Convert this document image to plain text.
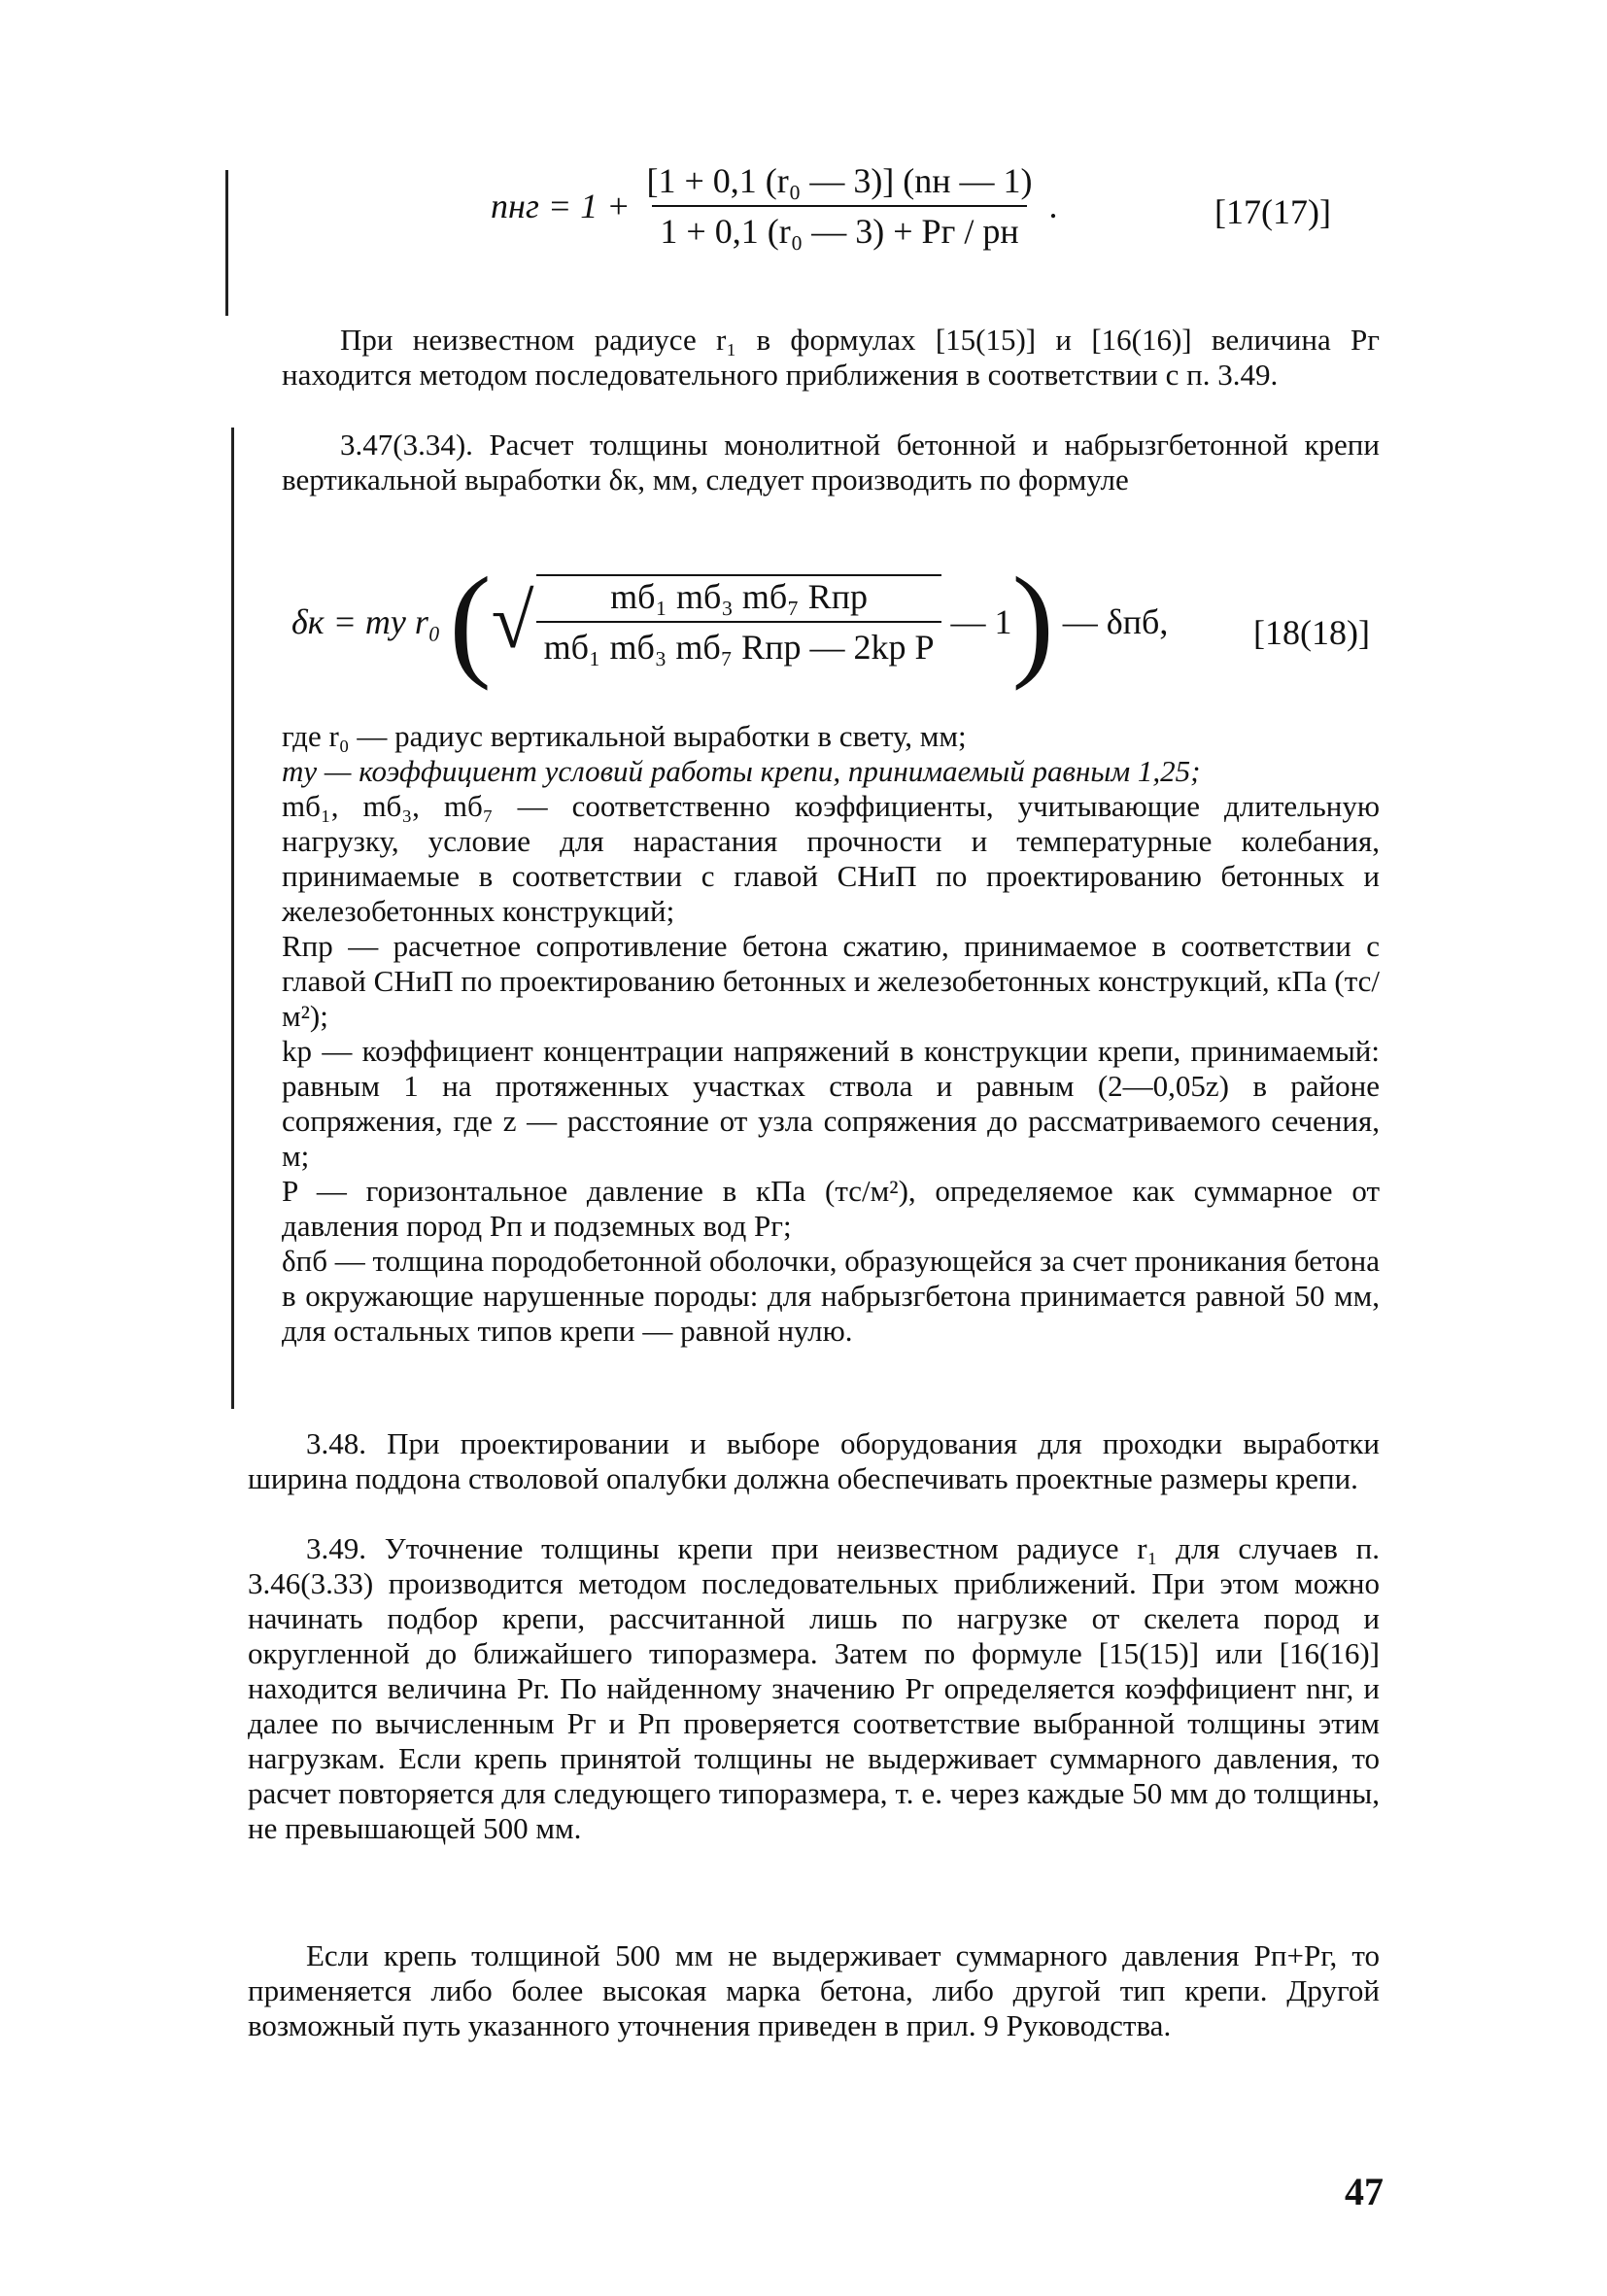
nнг = $1 + \frac{\text{[1 + 0,1 (r₀ — 3)] (nн — 1)}}{\text{1 + 0,1 (r₀ — 3) + Pг / pн}}$ .	[17(17)]

При неизвестном радиусе r₁ в формулах [15(15)] и [16(16)] величина Pг находится методом последовательного приближения в соответствии с п. 3.49.

3.47(3.34). Расчет толщины монолитной бетонной и набрызгбетонной крепи вертикальной выработки δк, мм, следует производить по формуле

δк = mу r₀ (√ $\frac{\text{mб₁ mб₃ mб₇ Rпр}}{\text{mб₁ mб₃ mб₇ Rпр — 2kр P}}$ — 1) — δпб,	[18(18)]

где r₀ — радиус вертикальной выработки в свету, мм;

mу — коэффициент условий работы крепи, принимаемый равным 1,25;

mб₁, mб₃, mб₇ — соответственно коэффициенты, учитывающие длительную нагрузку, условие для нарастания прочности и температурные колебания, принимаемые в соответствии с главой СНиП по проектированию бетонных и железобетонных конструкций;

Rпр — расчетное сопротивление бетона сжатию, принимаемое в соответствии с главой СНиП по проектированию бетонных и железобетонных конструкций, кПа (тс/м²);

kр — коэффициент концентрации напряжений в конструкции крепи, принимаемый: равным 1 на протяженных участках ствола и равным (2—0,05z) в районе сопряжения, где z — расстояние от узла сопряжения до рассматриваемого сечения, м;

P — горизонтальное давление в кПа (тс/м²), определяемое как суммарное от давления пород Pп и подземных вод Pг;

δпб — толщина породобетонной оболочки, образующейся за счет проникания бетона в окружающие нарушенные породы: для набрызгбетона принимается равной 50 мм, для остальных типов крепи — равной нулю.

3.48. При проектировании и выборе оборудования для проходки выработки ширина поддона стволовой опалубки должна обеспечивать проектные размеры крепи.

3.49. Уточнение толщины крепи при неизвестном радиусе r₁ для случаев п. 3.46(3.33) производится методом последовательных приближений. При этом можно начинать подбор крепи, рассчитанной лишь по нагрузке от скелета пород и округленной до ближайшего типоразмера. Затем по формуле [15(15)] или [16(16)] находится величина Pг. По найденному значению Pг определяется коэффициент nнг, и далее по вычисленным Pг и Pп проверяется соответствие выбранной толщины этим нагрузкам. Если крепь принятой толщины не выдерживает суммарного давления, то расчет повторяется для следующего типоразмера, т. е. через каждые 50 мм до толщины, не превышающей 500 мм.

Если крепь толщиной 500 мм не выдерживает суммарного давления Pп+Pг, то применяется либо более высокая марка бетона, либо другой тип крепи. Другой возможный путь указанного уточнения приведен в прил. 9 Руководства.

47
